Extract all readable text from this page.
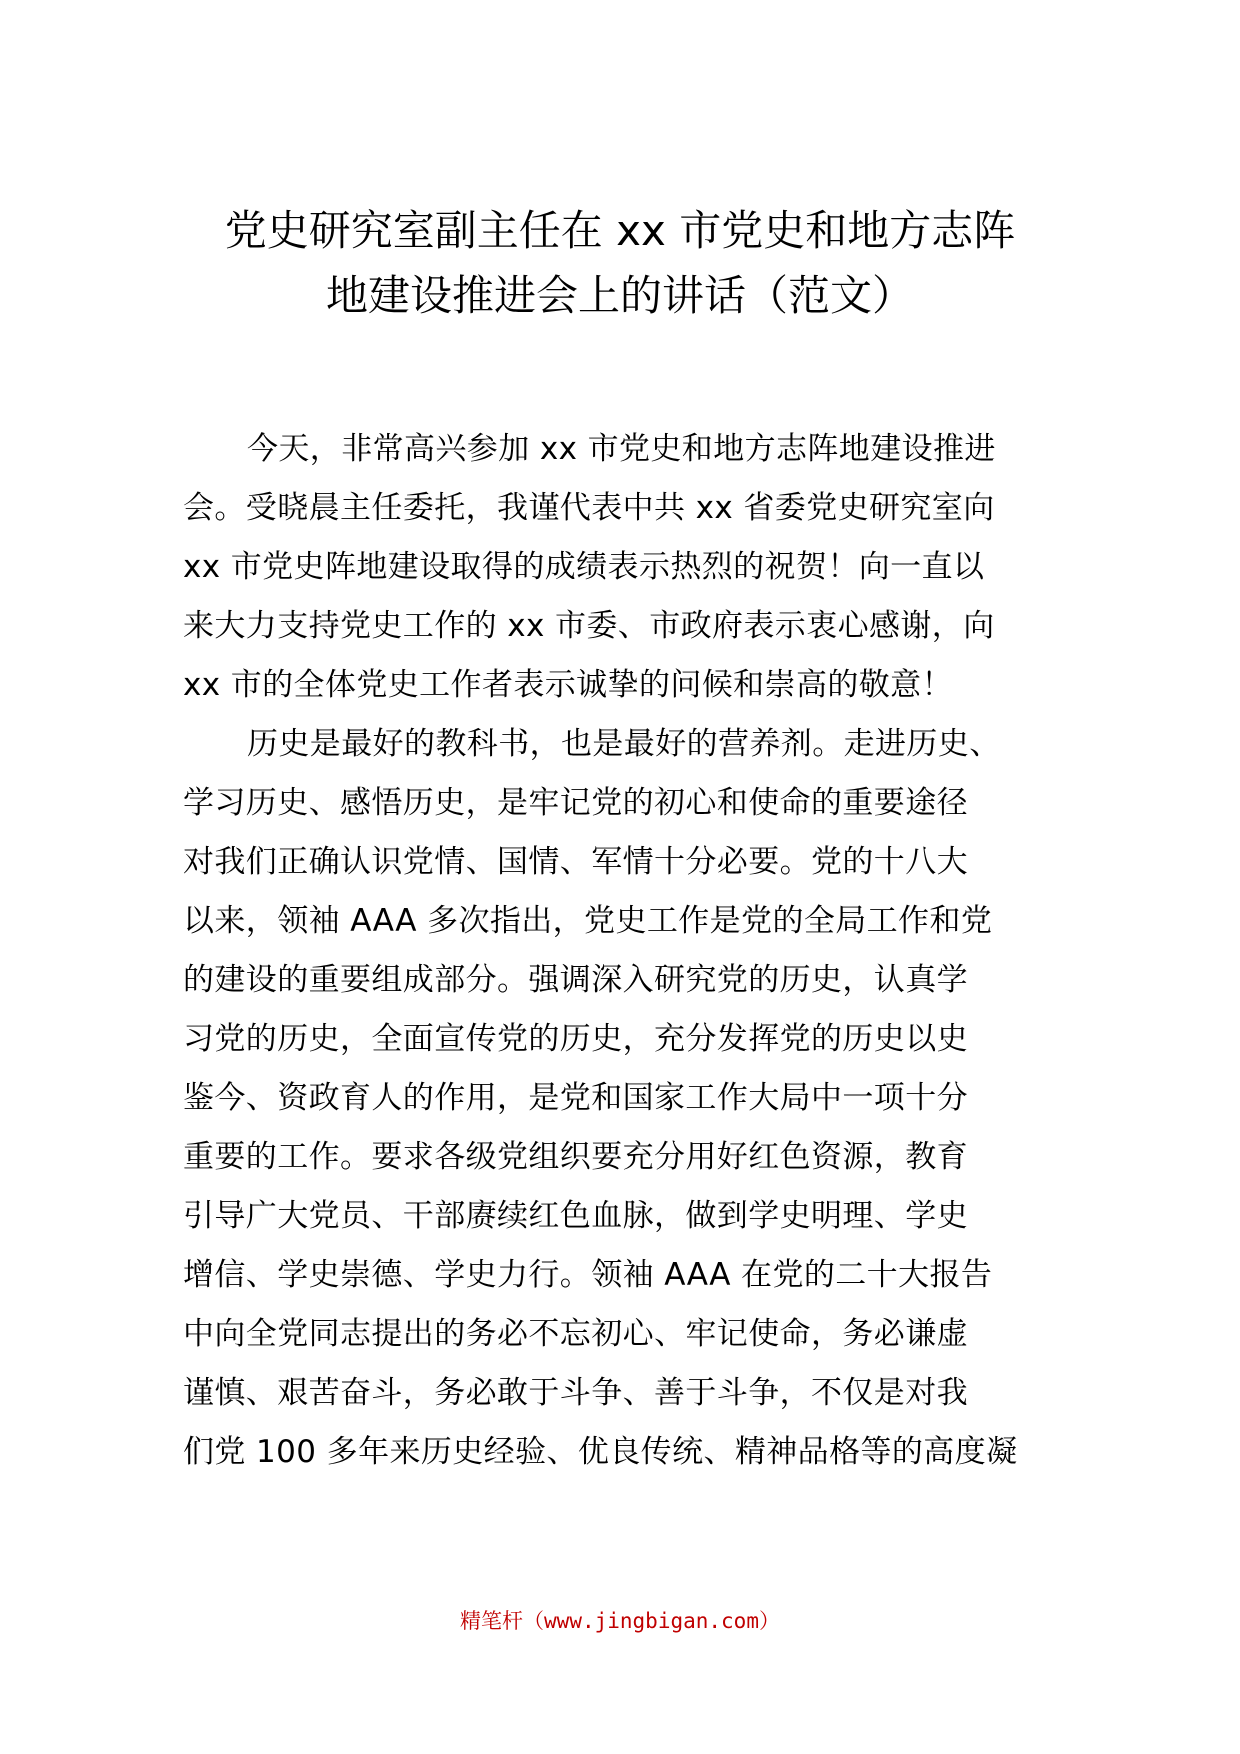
党史研究室副主任在 xx 市党史和地方志阵
地建设推进会上的讲话（范文）
今天，非常高兴参加 xx 市党史和地方志阵地建设推进
会。受晓晨主任委托，我谨代表中共 xx 省委党史研究室向
xx 市党史阵地建设取得的成绩表示热烈的祝贺！向一直以
来大力支持党史工作的 xx 市委、市政府表示衷心感谢，向
xx 市的全体党史工作者表示诚挚的问候和崇高的敬意！
历史是最好的教科书，也是最好的营养剂。走进历史、
学习历史、感悟历史，是牢记党的初心和使命的重要途径
对我们正确认识党情、国情、军情十分必要。党的十八大
以来，领袖 AAA 多次指出，党史工作是党的全局工作和党
的建设的重要组成部分。强调深入研究党的历史，认真学
习党的历史，全面宣传党的历史，充分发挥党的历史以史
鉴今、资政育人的作用，是党和国家工作大局中一项十分
重要的工作。要求各级党组织要充分用好红色资源，教育
引导广大党员、干部赓续红色血脉，做到学史明理、学史
增信、学史崇德、学史力行。领袖 AAA 在党的二十大报告
中向全党同志提出的务必不忘初心、牢记使命，务必谦虚
谨慎、艰苦奋斗，务必敢于斗争、善于斗争，不仅是对我
们党 100 多年来历史经验、优良传统、精神品格等的高度凝
精笔杆（www.jingbigan.com）
